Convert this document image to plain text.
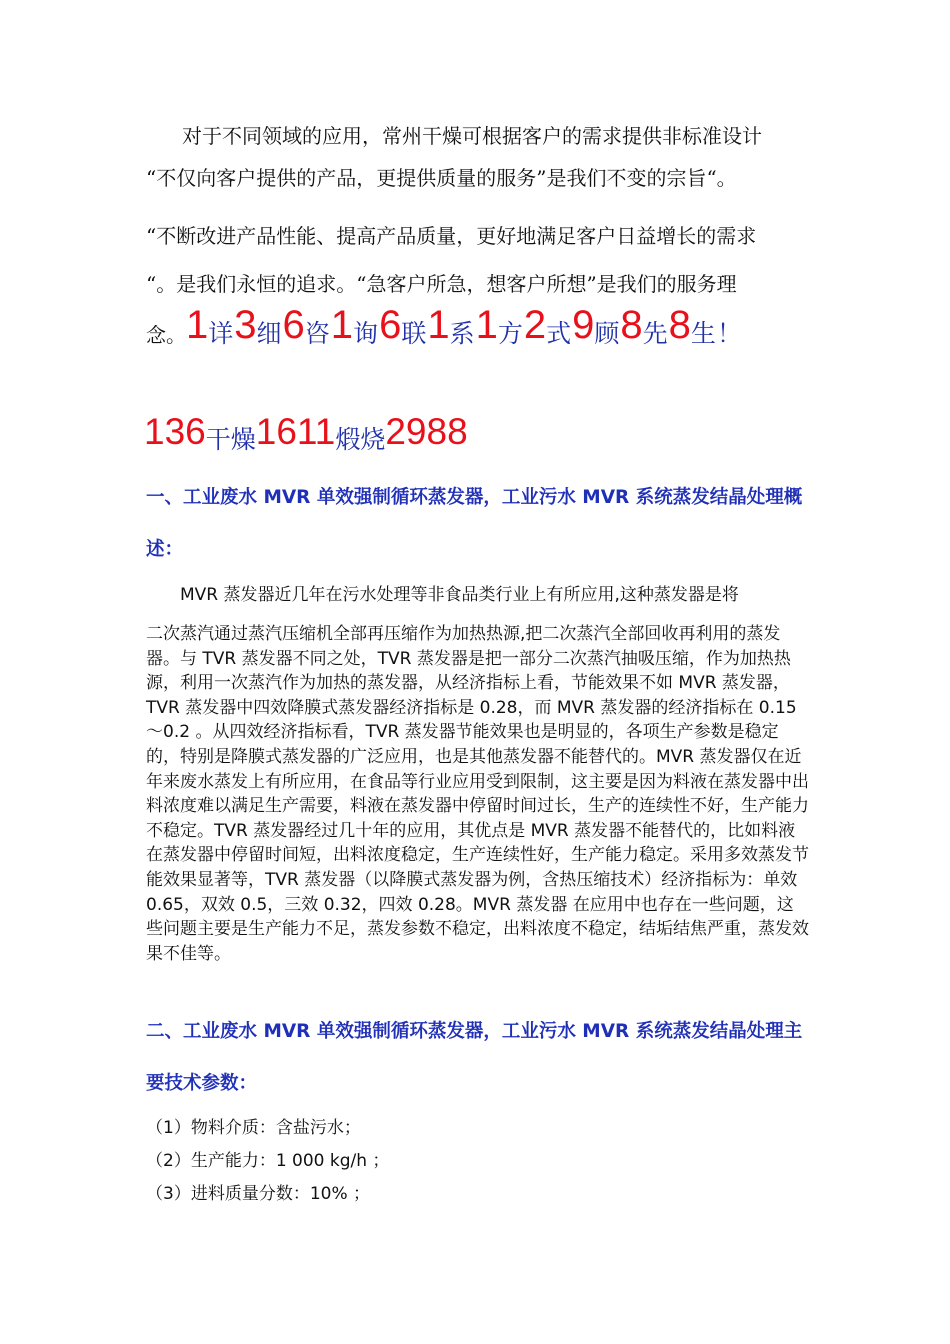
对于不同领域的应用，常州干燥可根据客户的需求提供非标准设计

“不仅向客户提供的产品，更提供质量的服务”是我们不变的宗旨“。

“不断改进产品性能、提高产品质量，更好地满足客户日益增长的需求

“。是我们永恒的追求。“急客户所急，想客户所想”是我们的服务理

念。1详3细6咨1询6联1系1方2式9顾8先8生！
136干燥1611煅烧2988

一、工业废水 MVR 单效强制循环蒸发器，工业污水 MVR 系统蒸发结晶处理概述：

MVR 蒸发器近几年在污水处理等非食品类行业上有所应用,这种蒸发器是将

二次蒸汽通过蒸汽压缩机全部再压缩作为加热热源,把二次蒸汽全部回收再利用的蒸发器。与 TVR 蒸发器不同之处，TVR 蒸发器是把一部分二次蒸汽抽吸压缩，作为加热热源，利用一次蒸汽作为加热的蒸发器，从经济指标上看，节能效果不如 MVR 蒸发器，TVR 蒸发器中四效降膜式蒸发器经济指标是 0.28，而 MVR 蒸发器的经济指标在 0.15～0.2 。从四效经济指标看，TVR 蒸发器节能效果也是明显的，各项生产参数是稳定的，特别是降膜式蒸发器的广泛应用，也是其他蒸发器不能替代的。MVR 蒸发器仅在近年来废水蒸发上有所应用，在食品等行业应用受到限制，这主要是因为料液在蒸发器中出料浓度难以满足生产需要，料液在蒸发器中停留时间过长，生产的连续性不好，生产能力不稳定。TVR 蒸发器经过几十年的应用，其优点是 MVR 蒸发器不能替代的，比如料液在蒸发器中停留时间短，出料浓度稳定，生产连续性好，生产能力稳定。采用多效蒸发节能效果显著等，TVR 蒸发器（以降膜式蒸发器为例，含热压缩技术）经济指标为：单效 0.65，双效 0.5，三效 0.32，四效 0.28。MVR 蒸发器 在应用中也存在一些问题，这些问题主要是生产能力不足，蒸发参数不稳定，出料浓度不稳定，结垢结焦严重，蒸发效果不佳等。

二、工业废水 MVR 单效强制循环蒸发器，工业污水 MVR 系统蒸发结晶处理主要技术参数：

（1）物料介质：含盐污水；
（2）生产能力：1 000 kg/h ；
（3）进料质量分数：10% ；
